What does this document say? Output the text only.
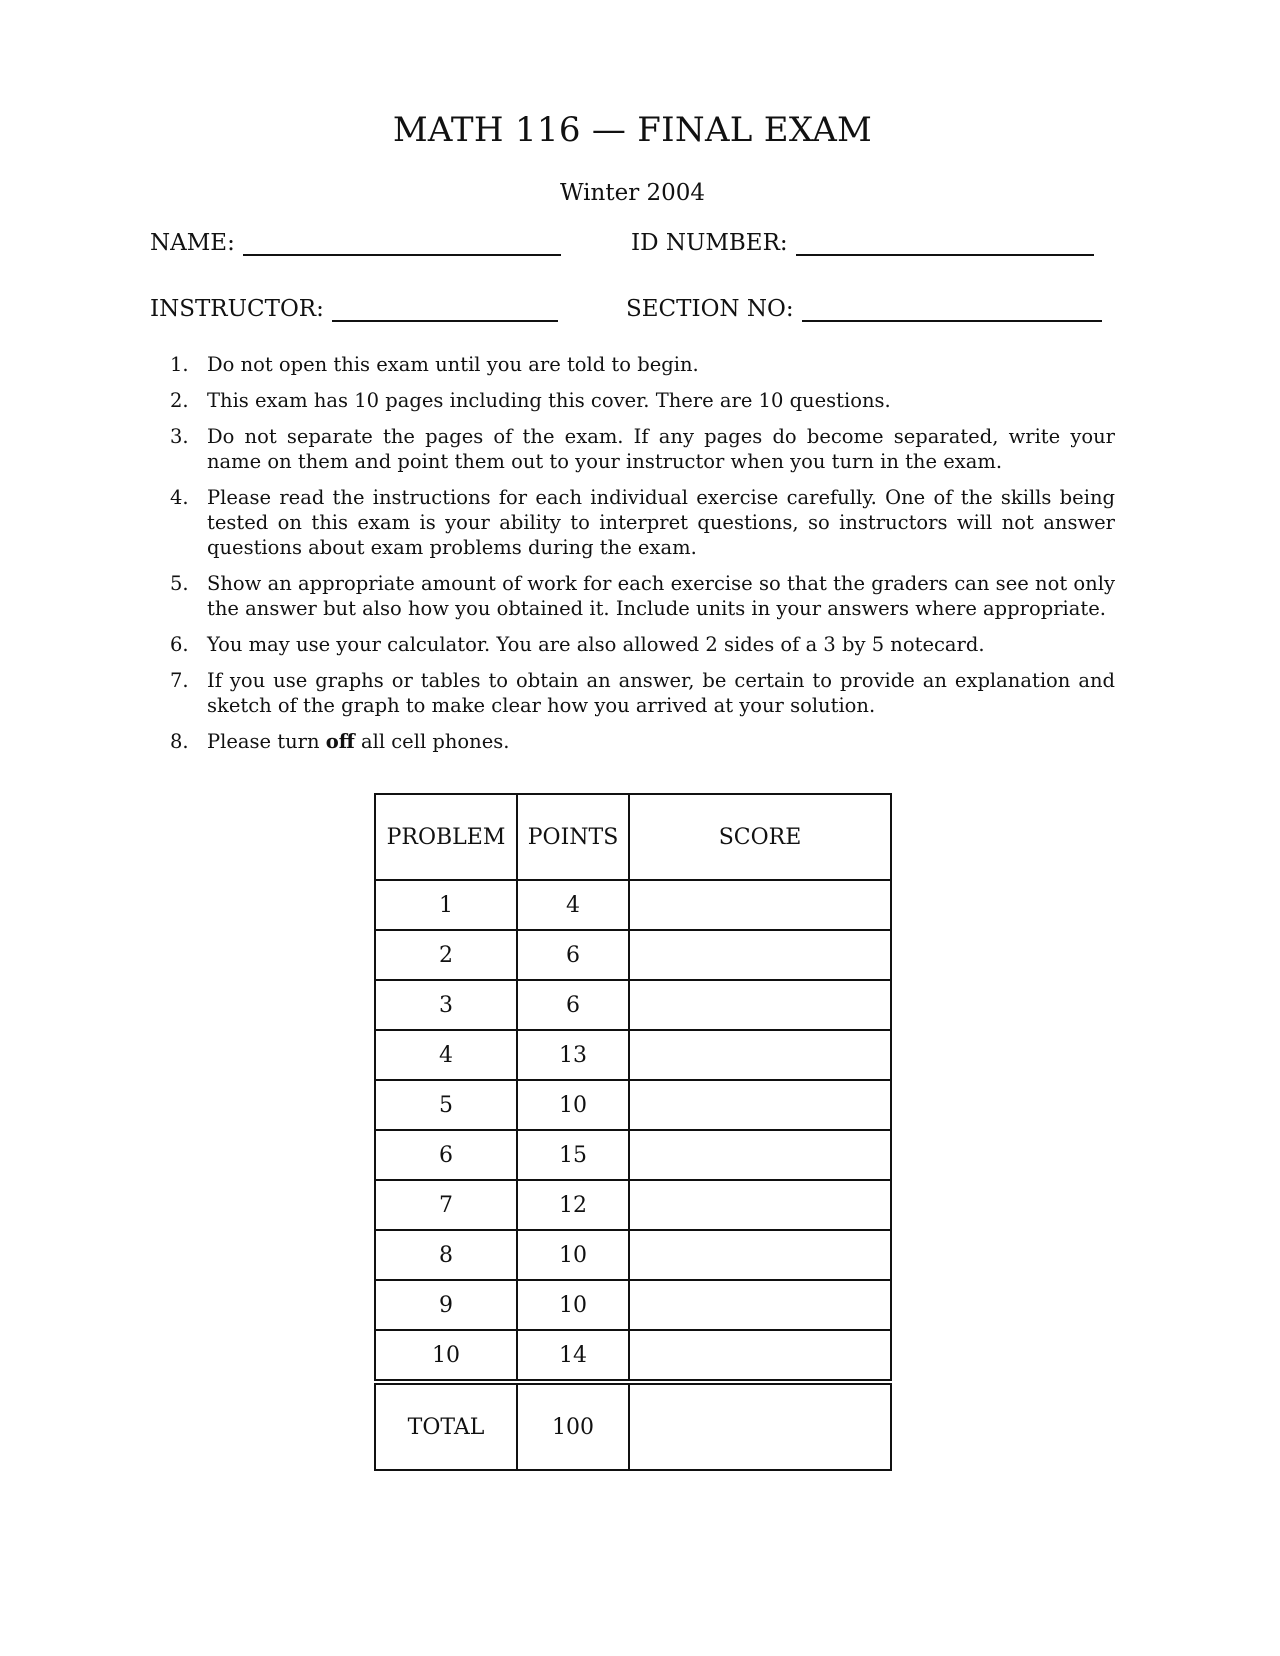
MATH 116 — FINAL EXAM
Winter 2004
NAME:	ID NUMBER:
INSTRUCTOR:	SECTION NO:
1. Do not open this exam until you are told to begin.
2. This exam has 10 pages including this cover. There are 10 questions.
3. Do not separate the pages of the exam. If any pages do become separated, write your name on them and point them out to your instructor when you turn in the exam.
4. Please read the instructions for each individual exercise carefully. One of the skills being tested on this exam is your ability to interpret questions, so instructors will not answer questions about exam problems during the exam.
5. Show an appropriate amount of work for each exercise so that the graders can see not only the answer but also how you obtained it. Include units in your answers where appropriate.
6. You may use your calculator. You are also allowed 2 sides of a 3 by 5 notecard.
7. If you use graphs or tables to obtain an answer, be certain to provide an explanation and sketch of the graph to make clear how you arrived at your solution.
8. Please turn off all cell phones.
PROBLEM	POINTS	SCORE
1	4	
2	6	
3	6	
4	13	
5	10	
6	15	
7	12	
8	10	
9	10	
10	14	
TOTAL	100	
